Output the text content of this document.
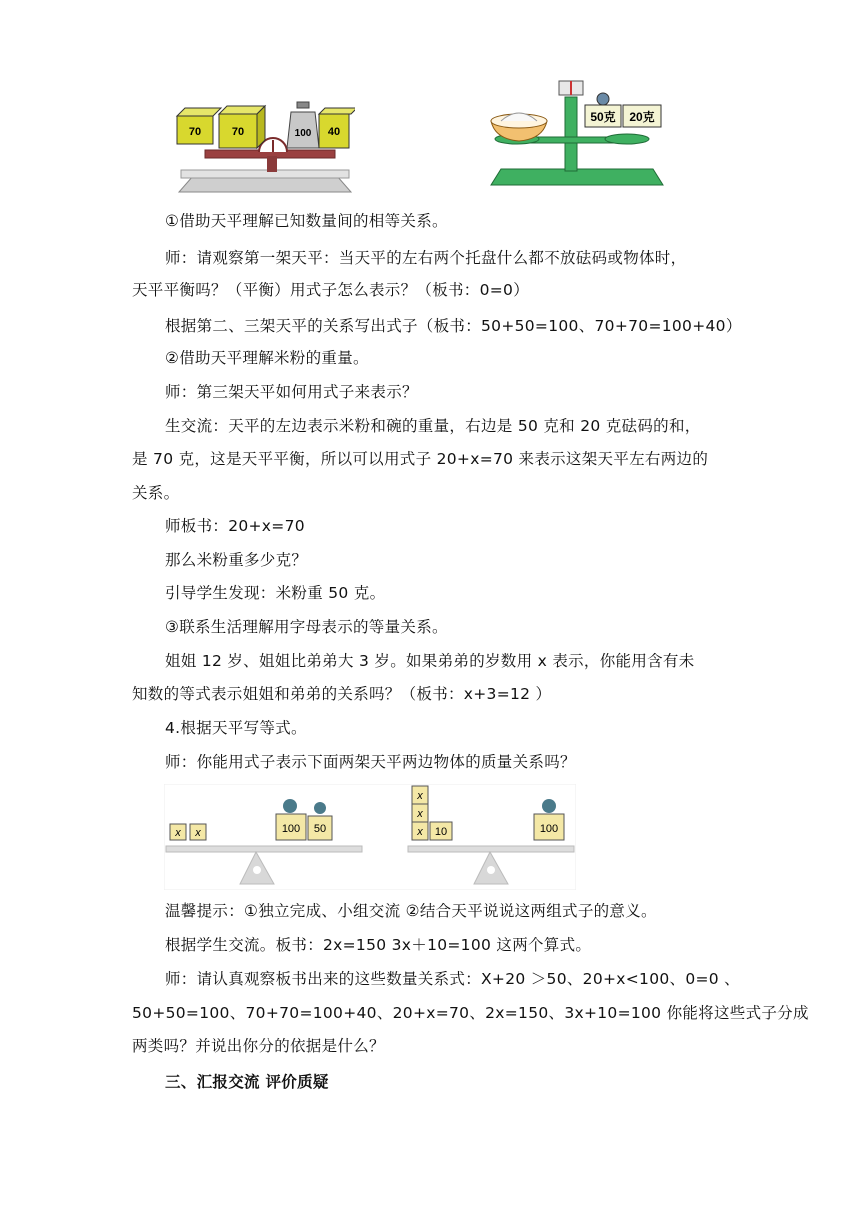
70	70	100 40
50克 20克
x x	100 50
x
x
x 10	100
①借助天平理解已知数量间的相等关系。
师：请观察第一架天平：当天平的左右两个托盘什么都不放砝码或物体时，
天平平衡吗？（平衡）用式子怎么表示？（板书：0=0）
根据第二、三架天平的关系写出式子（板书：50+50=100、70+70=100+40）
②借助天平理解米粉的重量。
师：第三架天平如何用式子来表示？
生交流：天平的左边表示米粉和碗的重量，右边是 50 克和 20 克砝码的和，
是 70 克，这是天平平衡，所以可以用式子 20+x=70 来表示这架天平左右两边的
关系。
师板书：20+x=70
那么米粉重多少克？
引导学生发现：米粉重 50 克。
③联系生活理解用字母表示的等量关系。
姐姐 12 岁、姐姐比弟弟大 3 岁。如果弟弟的岁数用 x 表示，你能用含有未
知数的等式表示姐姐和弟弟的关系吗？（板书：x+3=12 ）
4.根据天平写等式。
师：你能用式子表示下面两架天平两边物体的质量关系吗？
温馨提示：①独立完成、小组交流 ②结合天平说说这两组式子的意义。
根据学生交流。板书：2x=150 3x＋10=100 这两个算式。
师：请认真观察板书出来的这些数量关系式：X+20 ＞50、20+x<100、0=0 、
50+50=100、70+70=100+40、20+x=70、2x=150、3x+10=100 你能将这些式子分成
两类吗？并说出你分的依据是什么？
三、汇报交流 评价质疑
